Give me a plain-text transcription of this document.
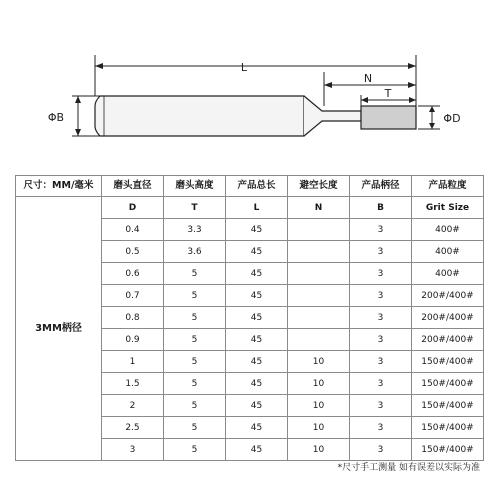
L
N
T
ΦB	ΦD
尺寸：MM/毫米	磨头直径	磨头高度	产品总长	避空长度	产品柄径	产品粒度
3MM柄径	D	T	L	N	B	Grit Size
	0.4	3.3	45		3	400#
	0.5	3.6	45		3	400#
	0.6	5	45		3	400#
	0.7	5	45		3	200#/400#
	0.8	5	45		3	200#/400#
	0.9	5	45		3	200#/400#
	1	5	45	10	3	150#/400#
	1.5	5	45	10	3	150#/400#
	2	5	45	10	3	150#/400#
	2.5	5	45	10	3	150#/400#
	3	5	45	10	3	150#/400#
*尺寸手工测量 如有误差以实际为准
